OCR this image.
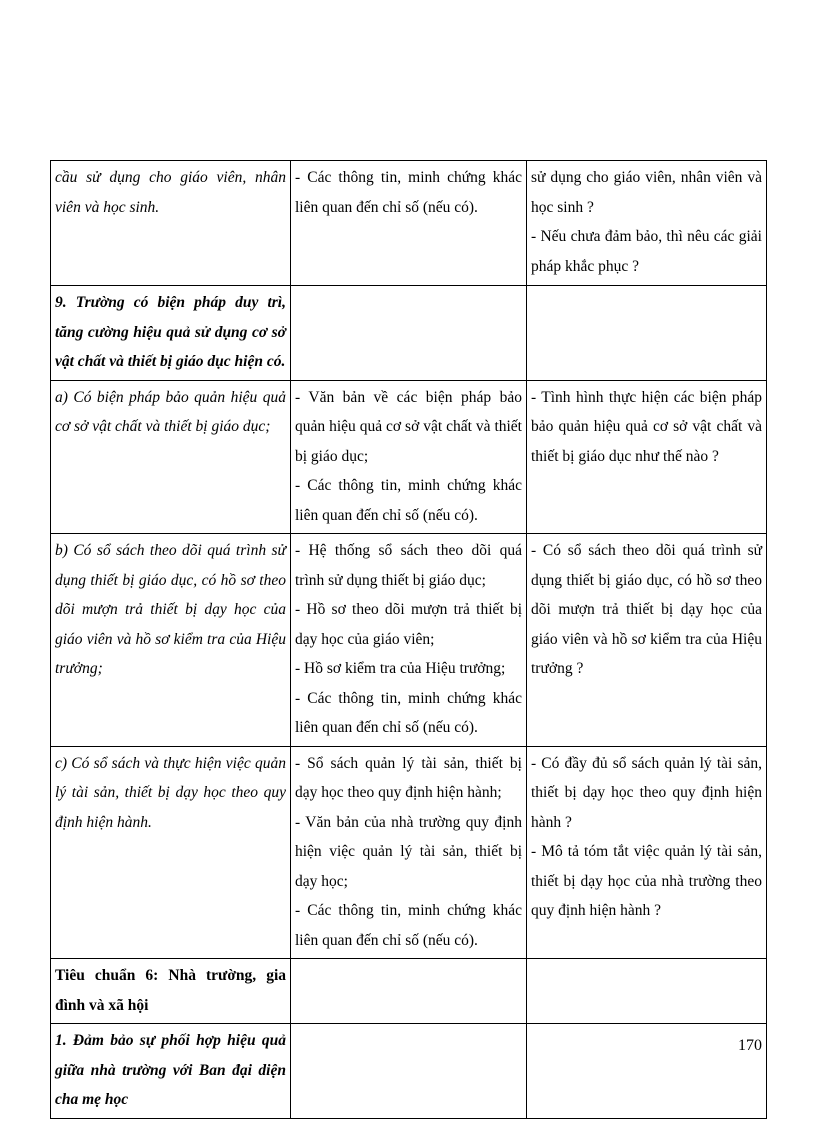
cầu sử dụng cho giáo viên, nhân viên và học sinh.	- Các thông tin, minh chứng khác liên quan đến chỉ số (nếu có).	sử dụng cho giáo viên, nhân viên và học sinh ?
- Nếu chưa đảm bảo, thì nêu các giải pháp khắc phục ?

9. Trường có biện pháp duy trì, tăng cường hiệu quả sử dụng cơ sở vật chất và thiết bị giáo dục hiện có.		
a) Có biện pháp bảo quản hiệu quả cơ sở vật chất và thiết bị giáo dục;	- Văn bản về các biện pháp bảo quản hiệu quả cơ sở vật chất và thiết bị giáo dục;
- Các thông tin, minh chứng khác liên quan đến chỉ số (nếu có).	- Tình hình thực hiện các biện pháp bảo quản hiệu quả cơ sở vật chất và thiết bị giáo dục như thế nào ?

b) Có sổ sách theo dõi quá trình sử dụng thiết bị giáo dục, có hồ sơ theo dõi mượn trả thiết bị dạy học của giáo viên và hồ sơ kiểm tra của Hiệu trưởng;	- Hệ thống sổ sách theo dõi quá trình sử dụng thiết bị giáo dục;
- Hồ sơ theo dõi mượn trả thiết bị dạy học của giáo viên;
- Hồ sơ kiểm tra của Hiệu trưởng;
- Các thông tin, minh chứng khác liên quan đến chỉ số (nếu có).	- Có sổ sách theo dõi quá trình sử dụng thiết bị giáo dục, có hồ sơ theo dõi mượn trả thiết bị dạy học của giáo viên và hồ sơ kiểm tra của Hiệu trưởng ?

c) Có sổ sách và thực hiện việc quản lý tài sản, thiết bị dạy học theo quy định hiện hành.	- Sổ sách quản lý tài sản, thiết bị dạy học theo quy định hiện hành;
- Văn bản của nhà trường quy định hiện việc quản lý tài sản, thiết bị dạy học;
- Các thông tin, minh chứng khác liên quan đến chỉ số (nếu có).	- Có đầy đủ sổ sách quản lý tài sản, thiết bị dạy học theo quy định hiện hành ?
- Mô tả tóm tắt việc quản lý tài sản, thiết bị dạy học của nhà trường theo quy định hiện hành ?

Tiêu chuẩn 6: Nhà trường, gia đình và xã hội		
1. Đảm bảo sự phối hợp hiệu quả giữa nhà trường với Ban đại diện cha mẹ học		
170
